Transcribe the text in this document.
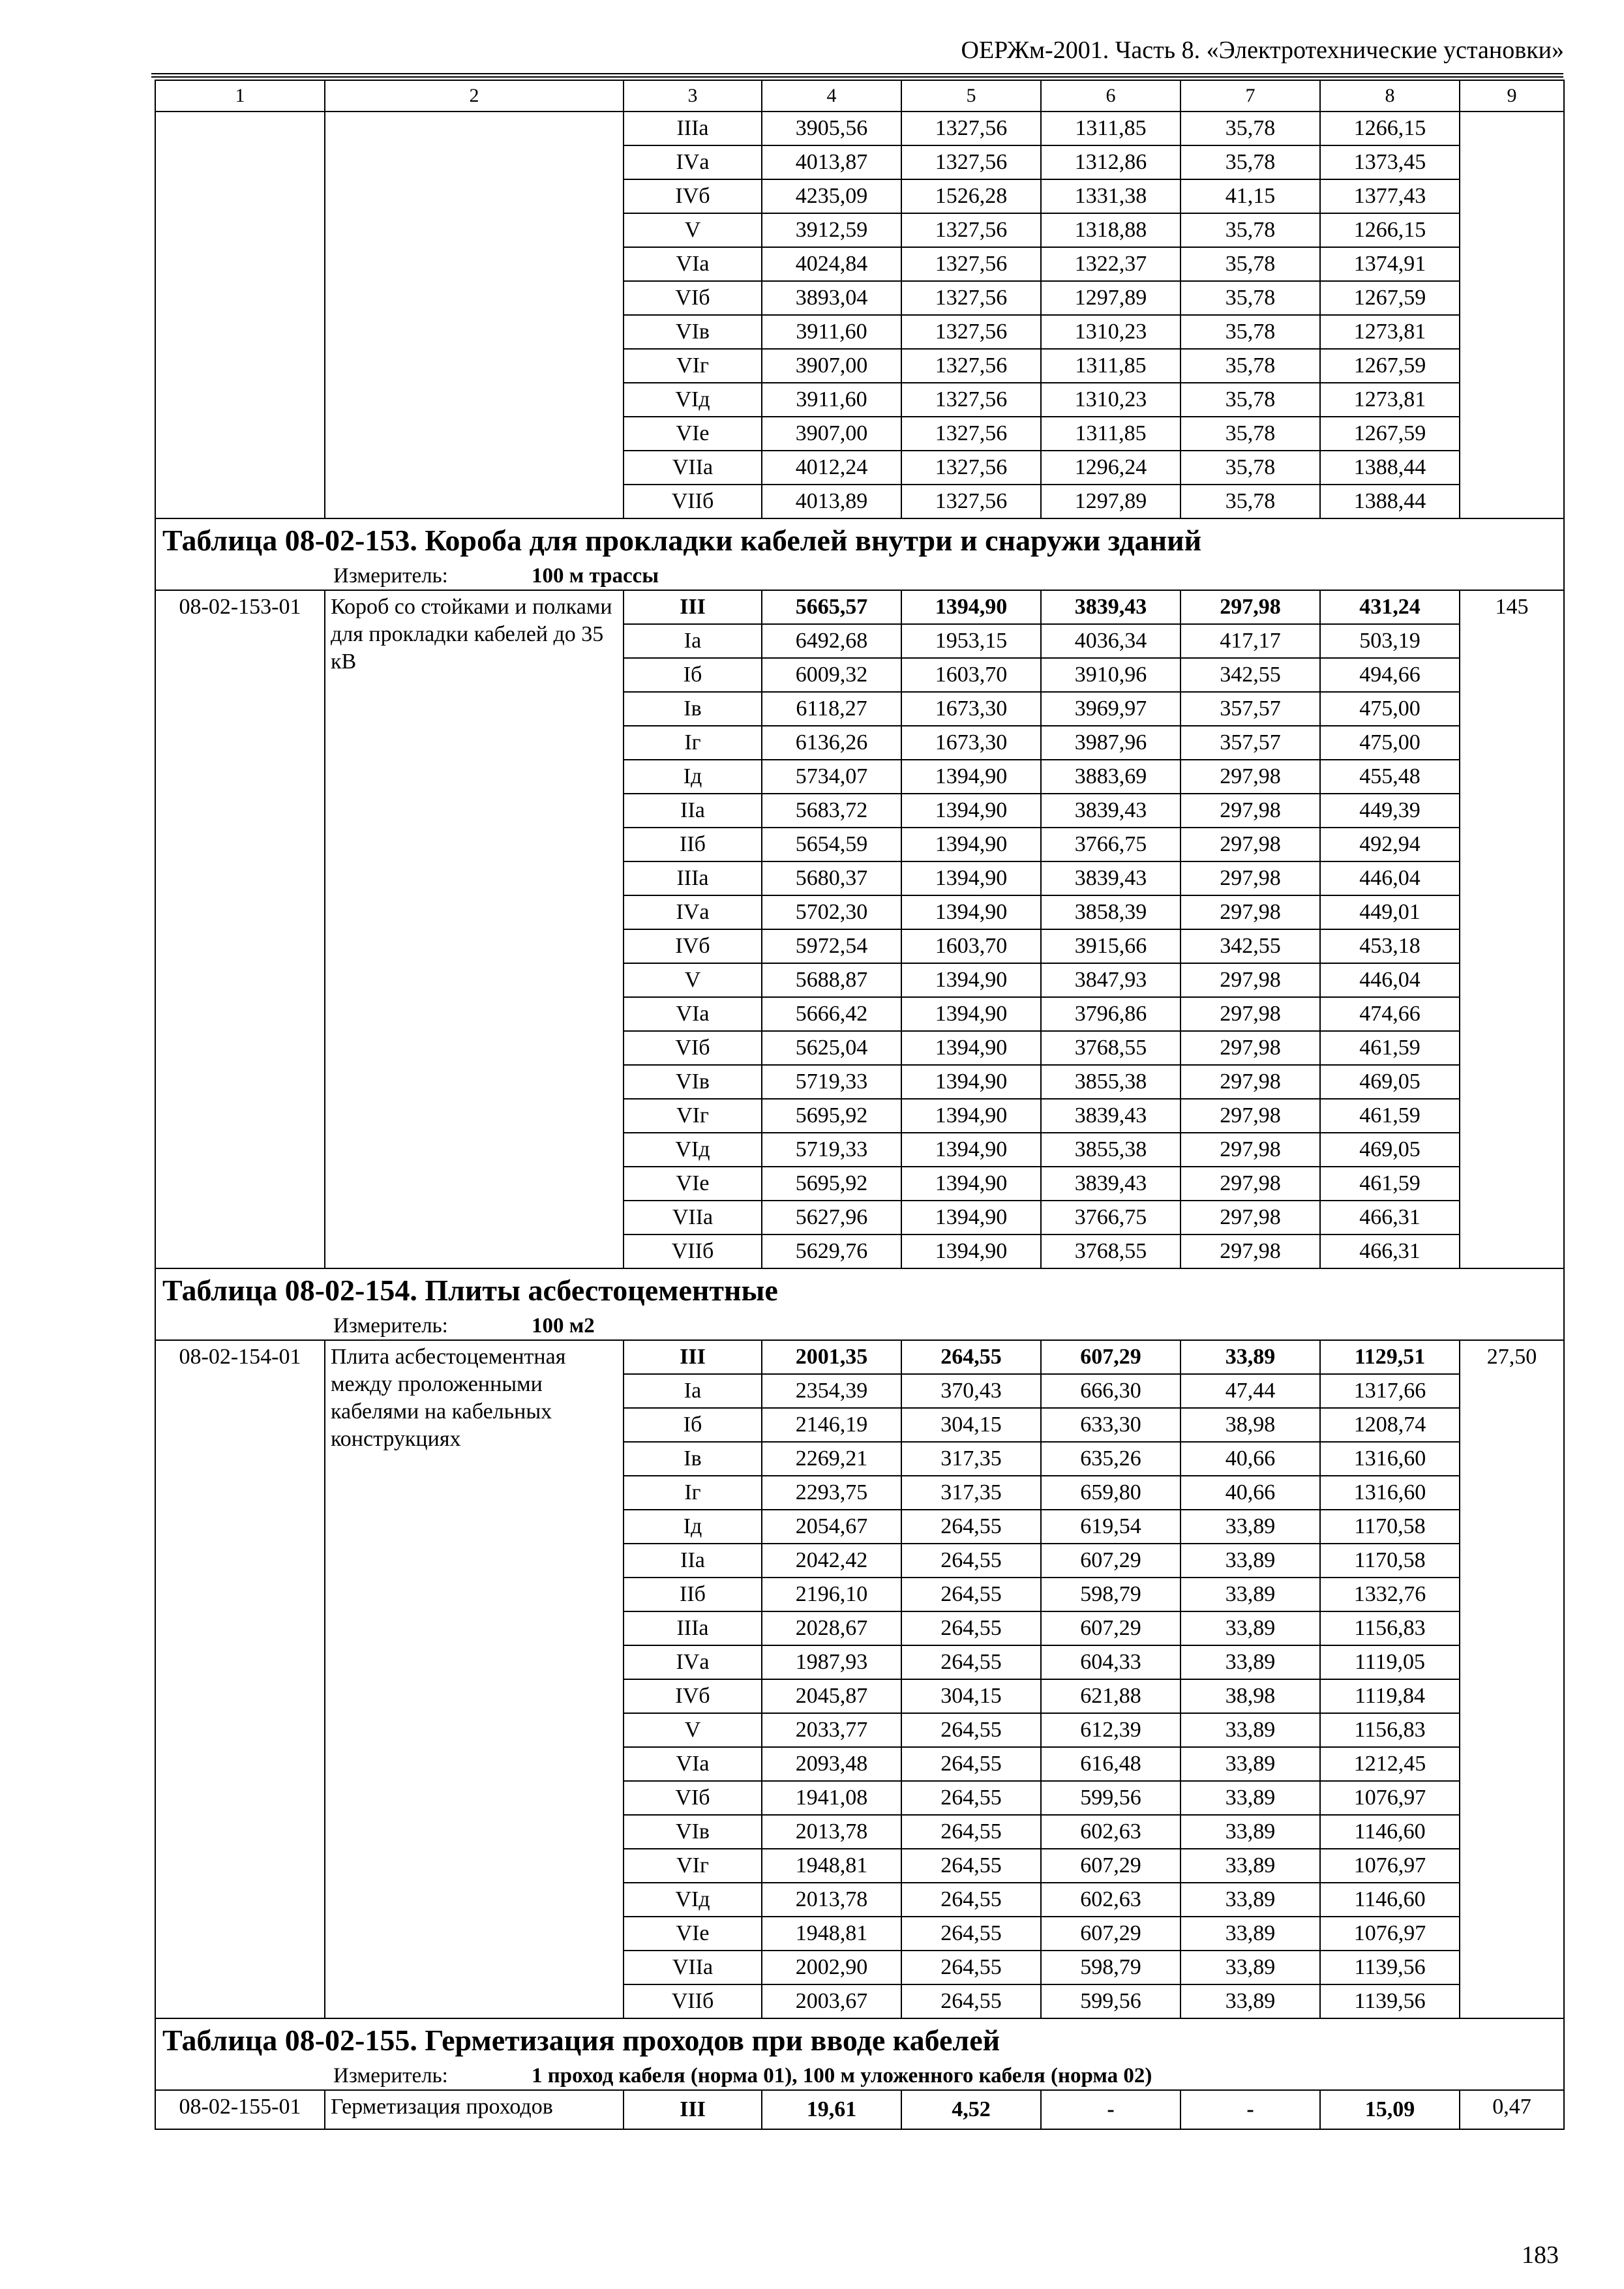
ОЕРЖм-2001. Часть 8. «Электротехнические установки»
1	2	3	4	5	6	7	8	9
		IIIа	3905,56	1327,56	1311,85	35,78	1266,15	
		IVа	4013,87	1327,56	1312,86	35,78	1373,45	
		IVб	4235,09	1526,28	1331,38	41,15	1377,43	
		V	3912,59	1327,56	1318,88	35,78	1266,15	
		VIа	4024,84	1327,56	1322,37	35,78	1374,91	
		VIб	3893,04	1327,56	1297,89	35,78	1267,59	
		VIв	3911,60	1327,56	1310,23	35,78	1273,81	
		VIг	3907,00	1327,56	1311,85	35,78	1267,59	
		VIд	3911,60	1327,56	1310,23	35,78	1273,81	
		VIе	3907,00	1327,56	1311,85	35,78	1267,59	
		VIIа	4012,24	1327,56	1296,24	35,78	1388,44	
		VIIб	4013,89	1327,56	1297,89	35,78	1388,44	
Таблица 08-02-153. Короба для прокладки кабелей внутри и снаружи зданий								
Измеритель: 100 м трассы								
08-02-153-01	Короб со стойками и полками для прокладки кабелей до 35 кВ	III	5665,57	1394,90	3839,43	297,98	431,24	145
		Iа	6492,68	1953,15	4036,34	417,17	503,19	
		Iб	6009,32	1603,70	3910,96	342,55	494,66	
		Iв	6118,27	1673,30	3969,97	357,57	475,00	
		Iг	6136,26	1673,30	3987,96	357,57	475,00	
		Iд	5734,07	1394,90	3883,69	297,98	455,48	
		IIа	5683,72	1394,90	3839,43	297,98	449,39	
		IIб	5654,59	1394,90	3766,75	297,98	492,94	
		IIIа	5680,37	1394,90	3839,43	297,98	446,04	
		IVа	5702,30	1394,90	3858,39	297,98	449,01	
		IVб	5972,54	1603,70	3915,66	342,55	453,18	
		V	5688,87	1394,90	3847,93	297,98	446,04	
		VIа	5666,42	1394,90	3796,86	297,98	474,66	
		VIб	5625,04	1394,90	3768,55	297,98	461,59	
		VIв	5719,33	1394,90	3855,38	297,98	469,05	
		VIг	5695,92	1394,90	3839,43	297,98	461,59	
		VIд	5719,33	1394,90	3855,38	297,98	469,05	
		VIе	5695,92	1394,90	3839,43	297,98	461,59	
		VIIа	5627,96	1394,90	3766,75	297,98	466,31	
		VIIб	5629,76	1394,90	3768,55	297,98	466,31	
Таблица 08-02-154. Плиты асбестоцементные								
Измеритель: 100 м2								
08-02-154-01	Плита асбестоцементная между проложенными кабелями на кабельных конструкциях	III	2001,35	264,55	607,29	33,89	1129,51	27,50
		Iа	2354,39	370,43	666,30	47,44	1317,66	
		Iб	2146,19	304,15	633,30	38,98	1208,74	
		Iв	2269,21	317,35	635,26	40,66	1316,60	
		Iг	2293,75	317,35	659,80	40,66	1316,60	
		Iд	2054,67	264,55	619,54	33,89	1170,58	
		IIа	2042,42	264,55	607,29	33,89	1170,58	
		IIб	2196,10	264,55	598,79	33,89	1332,76	
		IIIа	2028,67	264,55	607,29	33,89	1156,83	
		IVа	1987,93	264,55	604,33	33,89	1119,05	
		IVб	2045,87	304,15	621,88	38,98	1119,84	
		V	2033,77	264,55	612,39	33,89	1156,83	
		VIа	2093,48	264,55	616,48	33,89	1212,45	
		VIб	1941,08	264,55	599,56	33,89	1076,97	
		VIв	2013,78	264,55	602,63	33,89	1146,60	
		VIг	1948,81	264,55	607,29	33,89	1076,97	
		VIд	2013,78	264,55	602,63	33,89	1146,60	
		VIе	1948,81	264,55	607,29	33,89	1076,97	
		VIIа	2002,90	264,55	598,79	33,89	1139,56	
		VIIб	2003,67	264,55	599,56	33,89	1139,56	
Таблица 08-02-155. Герметизация проходов при вводе кабелей								
Измеритель: 1 проход кабеля (норма 01), 100 м уложенного кабеля (норма 02)								
08-02-155-01	Герметизация проходов	III	19,61	4,52	-	-	15,09	0,47
183
